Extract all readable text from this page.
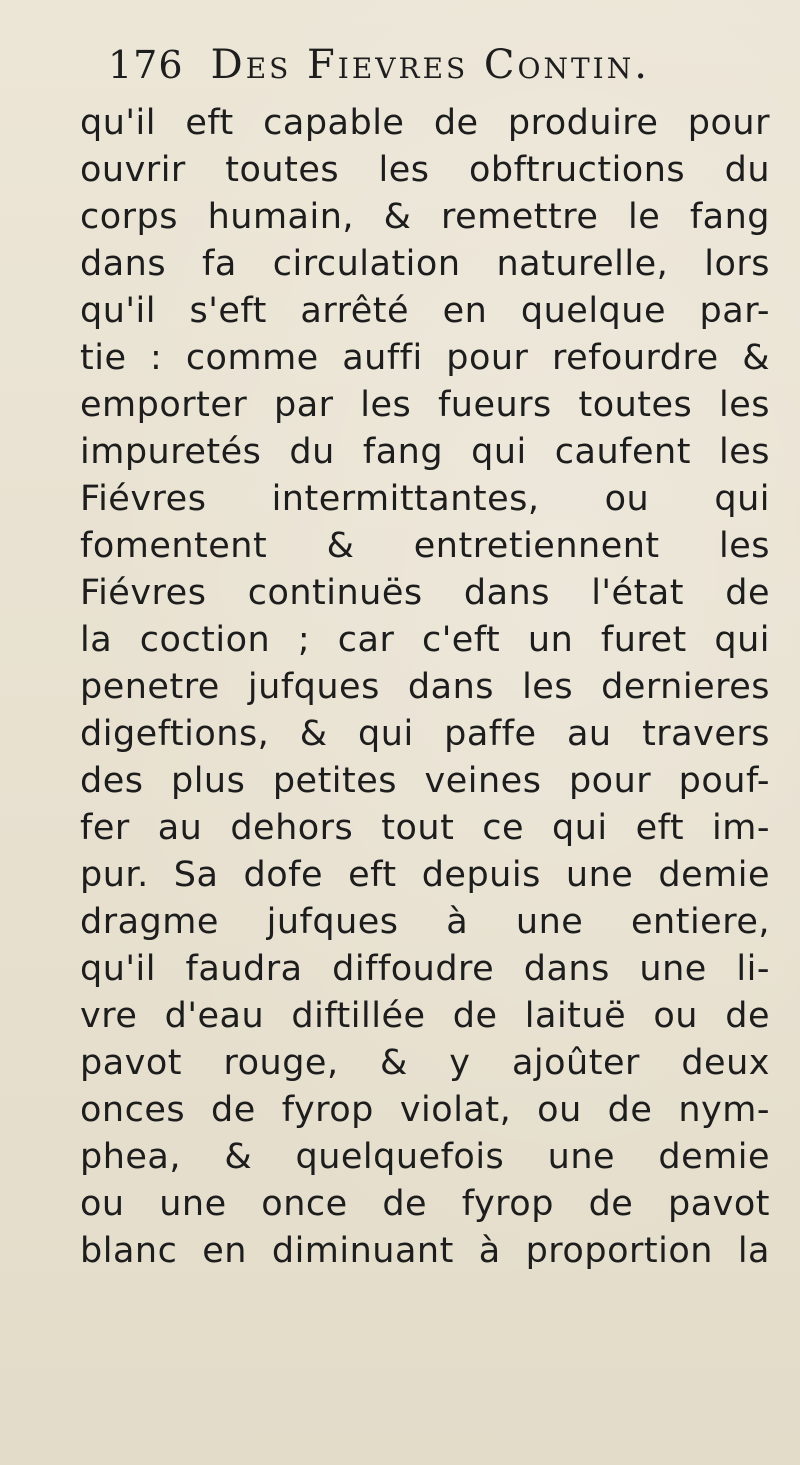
176 Des Fievres Contin.
qu'il eft capable de produire pour
ouvrir toutes les obftructions du
corps humain, & remettre le fang
dans fa circulation naturelle, lors
qu'il s'eft arrêté en quelque par-
tie : comme auffi pour refourdre &
emporter par les fueurs toutes les
impuretés du fang qui caufent les
Fiévres intermittantes, ou qui
fomentent & entretiennent les
Fiévres continuës dans l'état de
la coction ; car c'eft un furet qui
penetre jufques dans les dernieres
digeftions, & qui paffe au travers
des plus petites veines pour pouf-
fer au dehors tout ce qui eft im-
pur. Sa dofe eft depuis une demie
dragme jufques à une entiere,
qu'il faudra diffoudre dans une li-
vre d'eau diftillée de laituë ou de
pavot rouge, & y ajoûter deux
onces de fyrop violat, ou de nym-
phea, & quelquefois une demie
ou une once de fyrop de pavot
blanc en diminuant à proportion la
